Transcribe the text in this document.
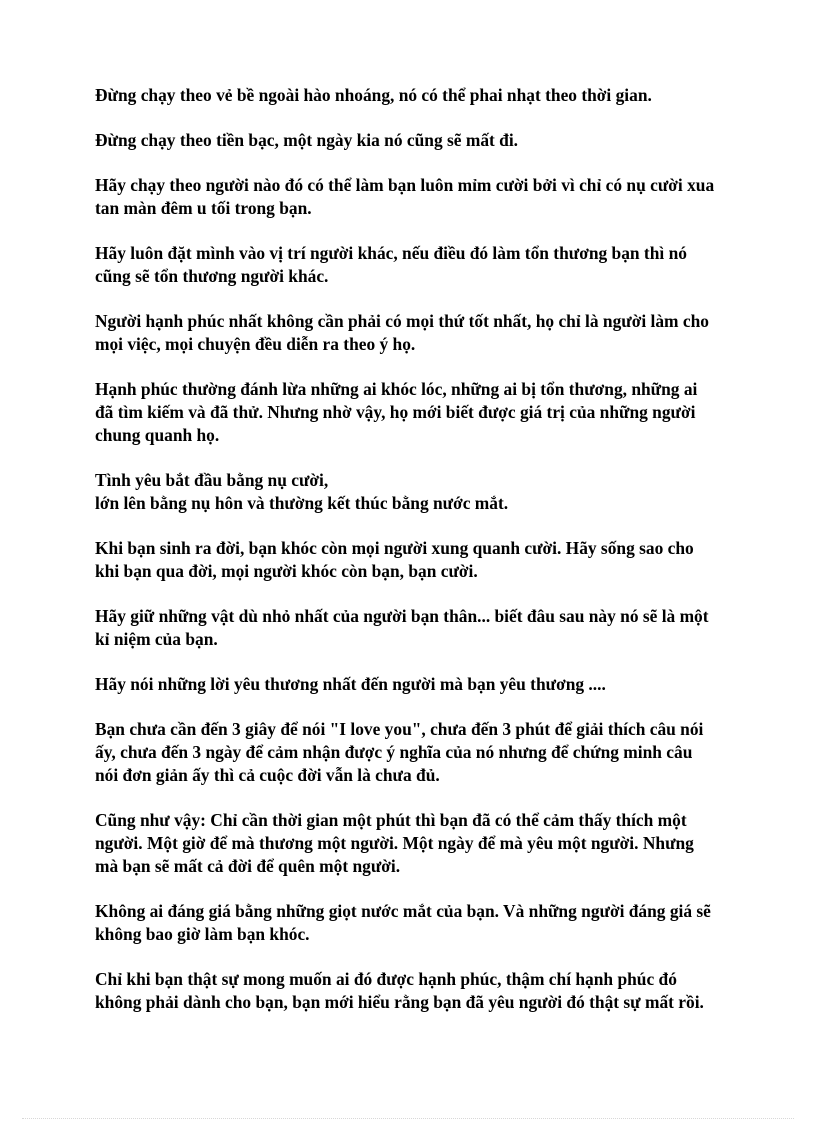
Đừng chạy theo vẻ bề ngoài hào nhoáng, nó có thể phai nhạt theo thời gian.
Đừng chạy theo tiền bạc, một ngày kia nó cũng sẽ mất đi.
Hãy chạy theo người nào đó có thể làm bạn luôn mỉm cười bởi vì chỉ có nụ cười xua
tan màn đêm u tối trong bạn.
Hãy luôn đặt mình vào vị trí người khác, nếu điều đó làm tổn thương bạn thì nó
cũng sẽ tổn thương người khác.
Người hạnh phúc nhất không cần phải có mọi thứ tốt nhất, họ chỉ là người làm cho
mọi việc, mọi chuyện đều diễn ra theo ý họ.
Hạnh phúc thường đánh lừa những ai khóc lóc, những ai bị tổn thương, những ai
đã tìm kiếm và đã thử. Nhưng nhờ vậy, họ mới biết được giá trị của những người
chung quanh họ.
Tình yêu bắt đầu bằng nụ cười,
lớn lên bằng nụ hôn và thường kết thúc bằng nước mắt.
Khi bạn sinh ra đời, bạn khóc còn mọi người xung quanh cười. Hãy sống sao cho
khi bạn qua đời, mọi người khóc còn bạn, bạn cười.
Hãy giữ những vật dù nhỏ nhất của người bạn thân... biết đâu sau này nó sẽ là một
kỉ niệm của bạn.
Hãy nói những lời yêu thương nhất đến người mà bạn yêu thương ....
Bạn chưa cần đến 3 giây để nói "I love you", chưa đến 3 phút để giải thích câu nói
ấy, chưa đến 3 ngày để cảm nhận được ý nghĩa của nó nhưng để chứng minh câu
nói đơn giản ấy thì cả cuộc đời vẫn là chưa đủ.
Cũng như vậy: Chỉ cần thời gian một phút thì bạn đã có thể cảm thấy thích một
người. Một giờ để mà thương một người. Một ngày để mà yêu một người. Nhưng
mà bạn sẽ mất cả đời để quên một người.
Không ai đáng giá bằng những giọt nước mắt của bạn. Và những người đáng giá sẽ
không bao giờ làm bạn khóc.
Chỉ khi bạn thật sự mong muốn ai đó được hạnh phúc, thậm chí hạnh phúc đó
không phải dành cho bạn, bạn mới hiểu rằng bạn đã yêu người đó thật sự mất rồi.
